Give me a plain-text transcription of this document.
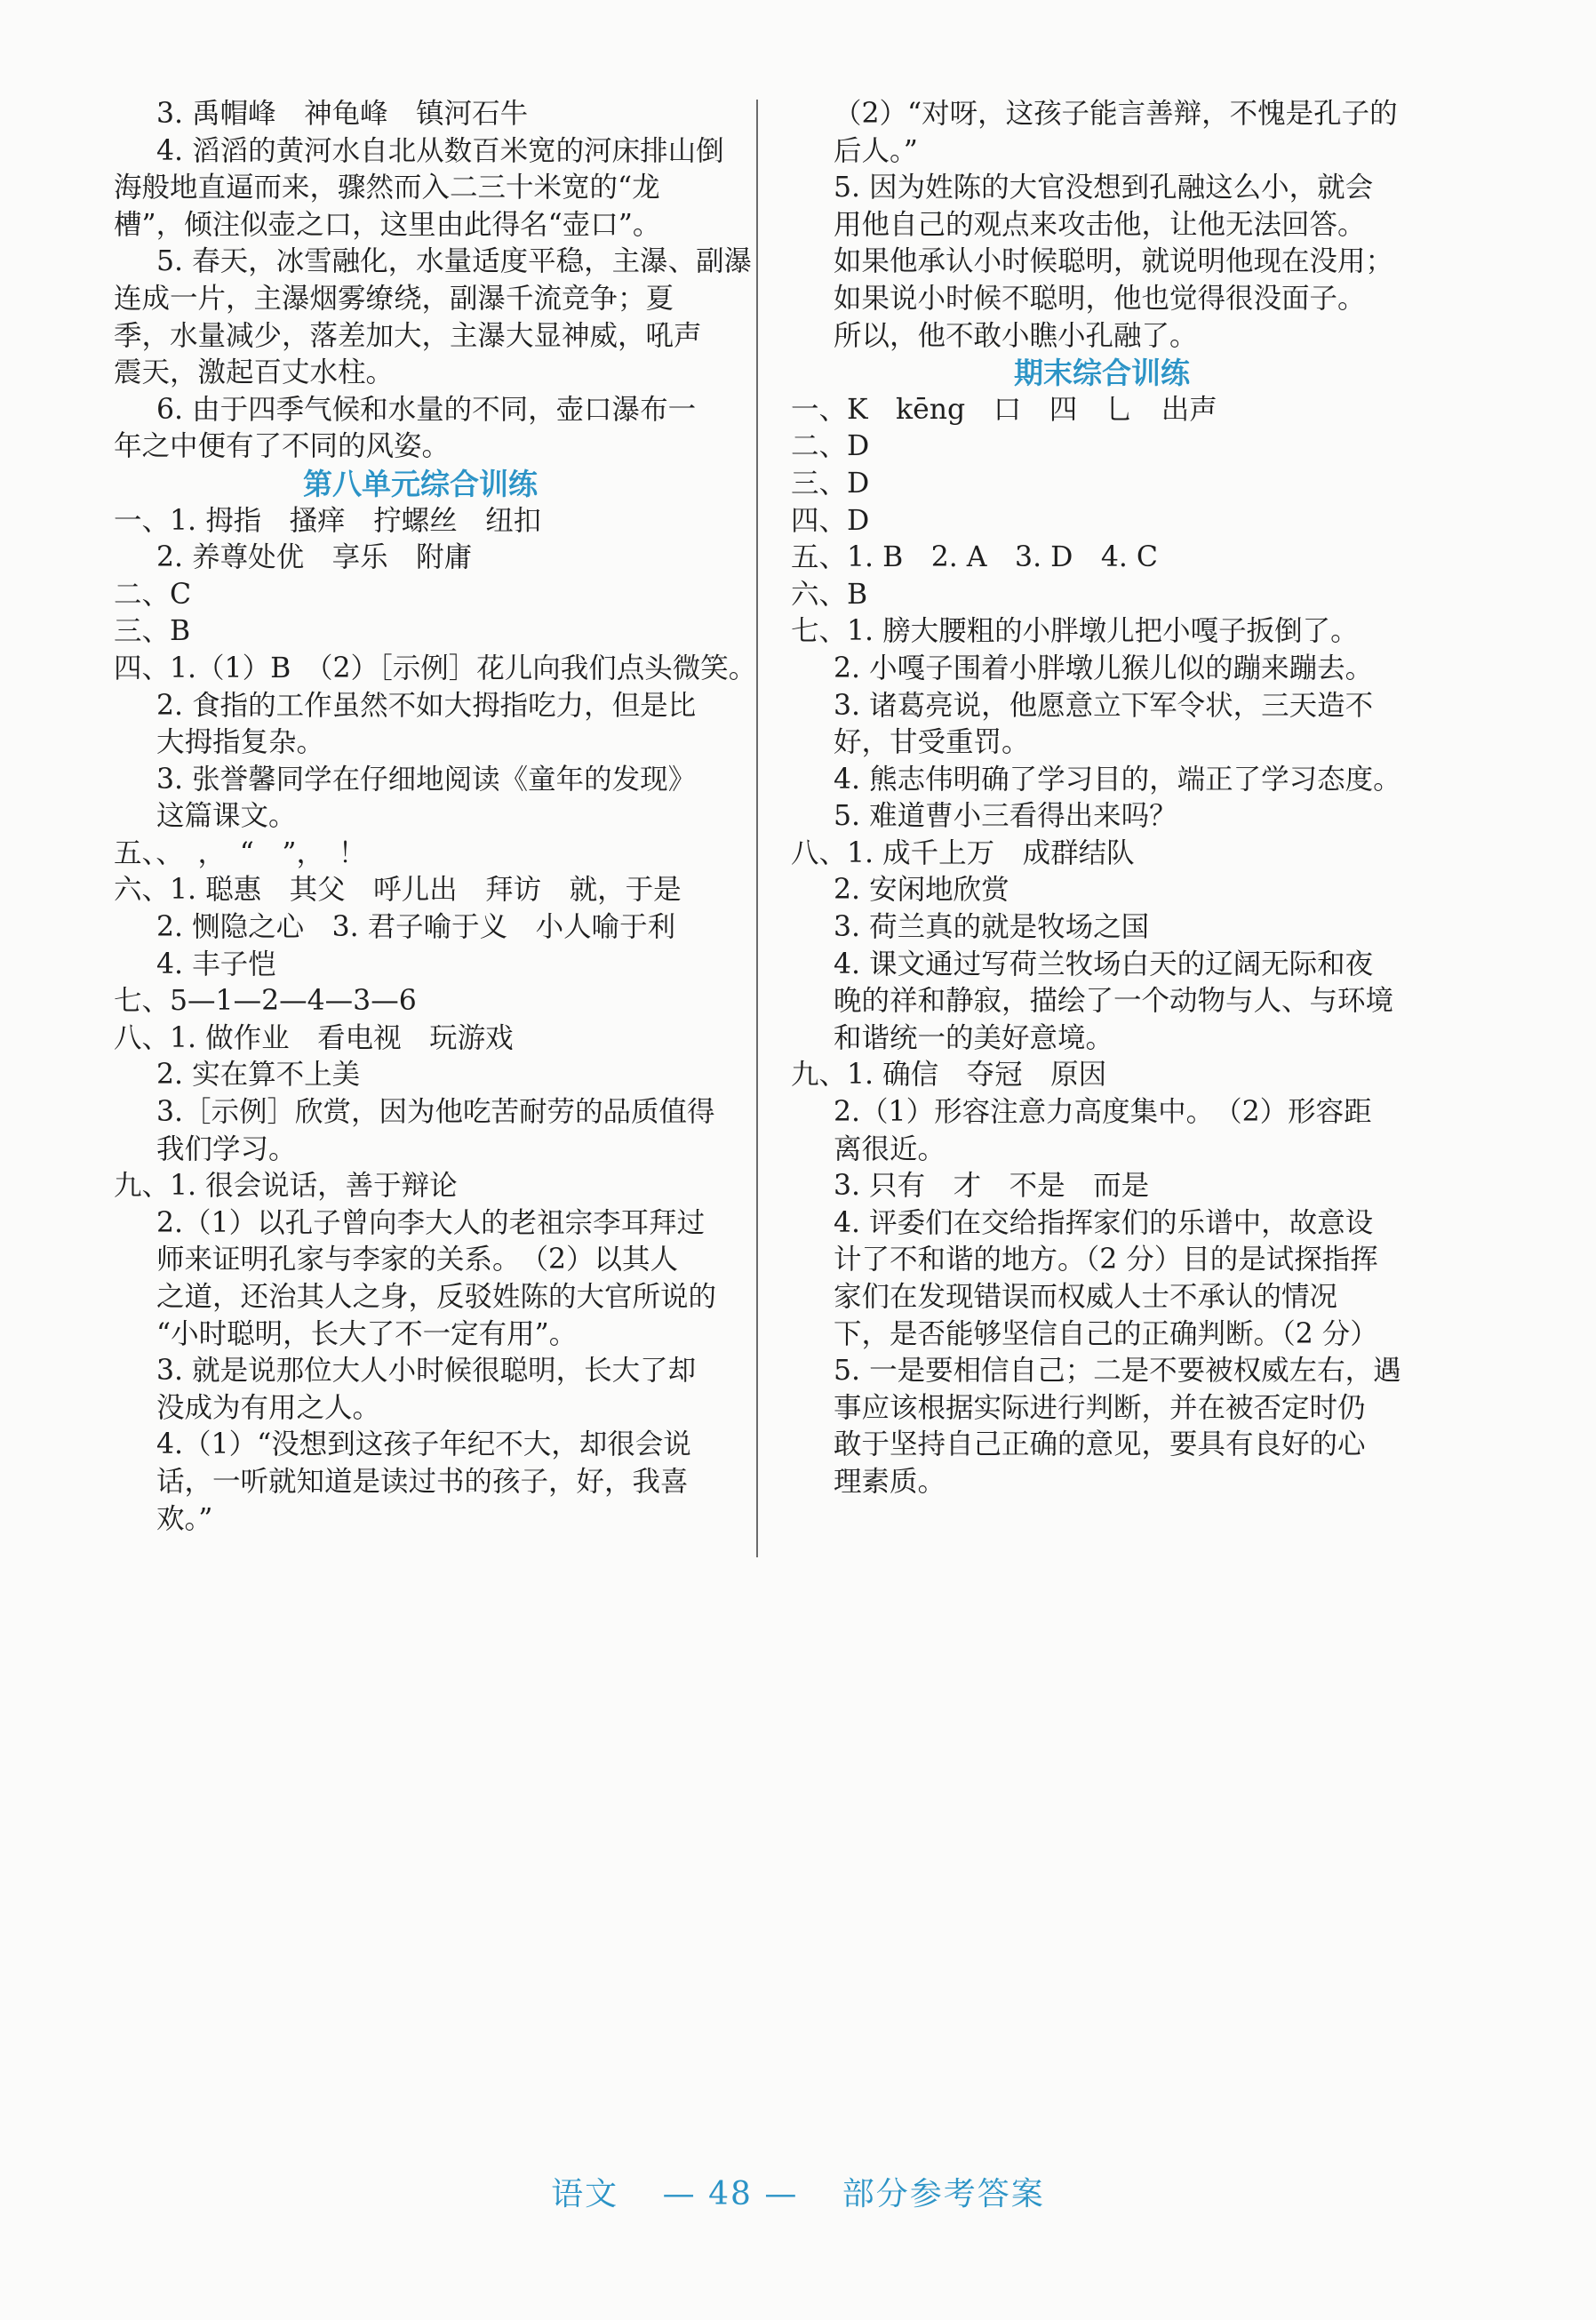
3. 禹帽峰　神龟峰　镇河石牛
4. 滔滔的黄河水自北从数百米宽的河床排山倒
海般地直逼而来，骤然而入二三十米宽的“龙
槽”，倾注似壶之口，这里由此得名“壶口”。
5. 春天，冰雪融化，水量适度平稳，主瀑、副瀑
连成一片，主瀑烟雾缭绕，副瀑千流竞争；夏
季，水量减少，落差加大，主瀑大显神威，吼声
震天，激起百丈水柱。
6. 由于四季气候和水量的不同，壶口瀑布一
年之中便有了不同的风姿。
第八单元综合训练
一、1. 拇指　搔痒　拧螺丝　纽扣
2. 养尊处优　享乐　附庸
二、C
三、B
四、1.（1）B　（2）［示例］花儿向我们点头微笑。
2. 食指的工作虽然不如大拇指吃力，但是比
大拇指复杂。
3. 张誉馨同学在仔细地阅读《童年的发现》
这篇课文。
五、、　，　“　”，　！
六、1. 聪惠　其父　呼儿出　拜访　就，于是
2. 恻隐之心　3. 君子喻于义　小人喻于利
4. 丰子恺
七、5—1—2—4—3—6
八、1. 做作业　看电视　玩游戏
2. 实在算不上美
3.［示例］欣赏，因为他吃苦耐劳的品质值得
我们学习。
九、1. 很会说话，善于辩论
2.（1）以孔子曾向李大人的老祖宗李耳拜过
师来证明孔家与李家的关系。　（2）以其人
之道，还治其人之身，反驳姓陈的大官所说的
“小时聪明，长大了不一定有用”。
3. 就是说那位大人小时候很聪明，长大了却
没成为有用之人。
4.（1）“没想到这孩子年纪不大，却很会说
话，一听就知道是读过书的孩子，好，我喜
欢。”
（2）“对呀，这孩子能言善辩，不愧是孔子的
后人。”
5. 因为姓陈的大官没想到孔融这么小，就会
用他自己的观点来攻击他，让他无法回答。
如果他承认小时候聪明，就说明他现在没用；
如果说小时候不聪明，他也觉得很没面子。
所以，他不敢小瞧小孔融了。
期末综合训练
一、K　kēng　口　四　乚　出声
二、D
三、D
四、D
五、1. B　2. A　3. D　4. C
六、B
七、1. 膀大腰粗的小胖墩儿把小嘎子扳倒了。
2. 小嘎子围着小胖墩儿猴儿似的蹦来蹦去。
3. 诸葛亮说，他愿意立下军令状，三天造不
好，甘受重罚。
4. 熊志伟明确了学习目的，端正了学习态度。
5. 难道曹小三看得出来吗？
八、1. 成千上万　成群结队
2. 安闲地欣赏
3. 荷兰真的就是牧场之国
4. 课文通过写荷兰牧场白天的辽阔无际和夜
晚的祥和静寂，描绘了一个动物与人、与环境
和谐统一的美好意境。
九、1. 确信　夺冠　原因
2.（1）形容注意力高度集中。　（2）形容距
离很近。
3. 只有　才　不是　而是
4. 评委们在交给指挥家们的乐谱中，故意设
计了不和谐的地方。（2 分）目的是试探指挥
家们在发现错误而权威人士不承认的情况
下，是否能够坚信自己的正确判断。（2 分）
5. 一是要相信自己；二是不要被权威左右，遇
事应该根据实际进行判断，并在被否定时仍
敢于坚持自己正确的意见，要具有良好的心
理素质。
语文 — 48 — 部分参考答案
